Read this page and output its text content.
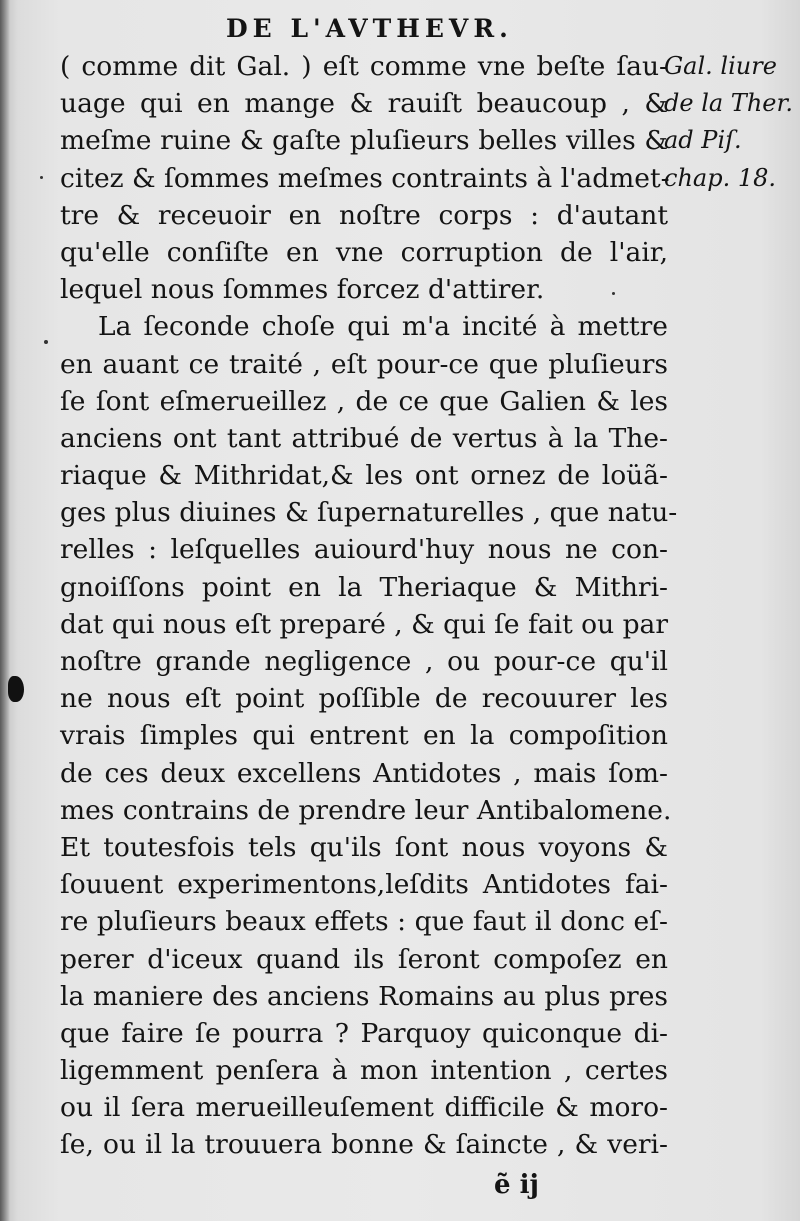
DE L'AVTHEVR.
( comme dit Gal. ) eſt comme vne beſte ſau-
uage qui en mange & rauiſt beaucoup , &
meſme ruine & gaſte pluſieurs belles villes &
citez & ſommes meſmes contraints à l'admet-
tre & receuoir en noſtre corps : d'autant
qu'elle conſiſte en vne corruption de l'air,
lequel nous ſommes forcez d'attirer.
La ſeconde choſe qui m'a incité à mettre
en auant ce traité , eſt pour-ce que pluſieurs
ſe ſont eſmerueillez , de ce que Galien & les
anciens ont tant attribué de vertus à la The-
riaque & Mithridat,& les ont ornez de loüã-
ges plus diuines & ſupernaturelles , que natu-
relles : leſquelles auiourd'huy nous ne con-
gnoiſſons point en la Theriaque & Mithri-
dat qui nous eſt preparé , & qui ſe fait ou par
noſtre grande negligence , ou pour-ce qu'il
ne nous eſt point poſſible de recouurer les
vrais ſimples qui entrent en la compoſition
de ces deux excellens Antidotes , mais ſom-
mes contrains de prendre leur Antibalomene.
Et toutesfois tels qu'ils ſont nous voyons &
ſouuent experimentons,leſdits Antidotes fai-
re pluſieurs beaux effets : que faut il donc eſ-
perer d'iceux quand ils ſeront compoſez en
la maniere des anciens Romains au plus pres
que faire ſe pourra ? Parquoy quiconque di-
ligemment penſera à mon intention , certes
ou il ſera merueilleuſement difficile & moro-
ſe, ou il la trouuera bonne & ſaincte , & veri-
Gal. liure
de la Ther.
ad Piſ.
chap. 18.
ẽ ij
